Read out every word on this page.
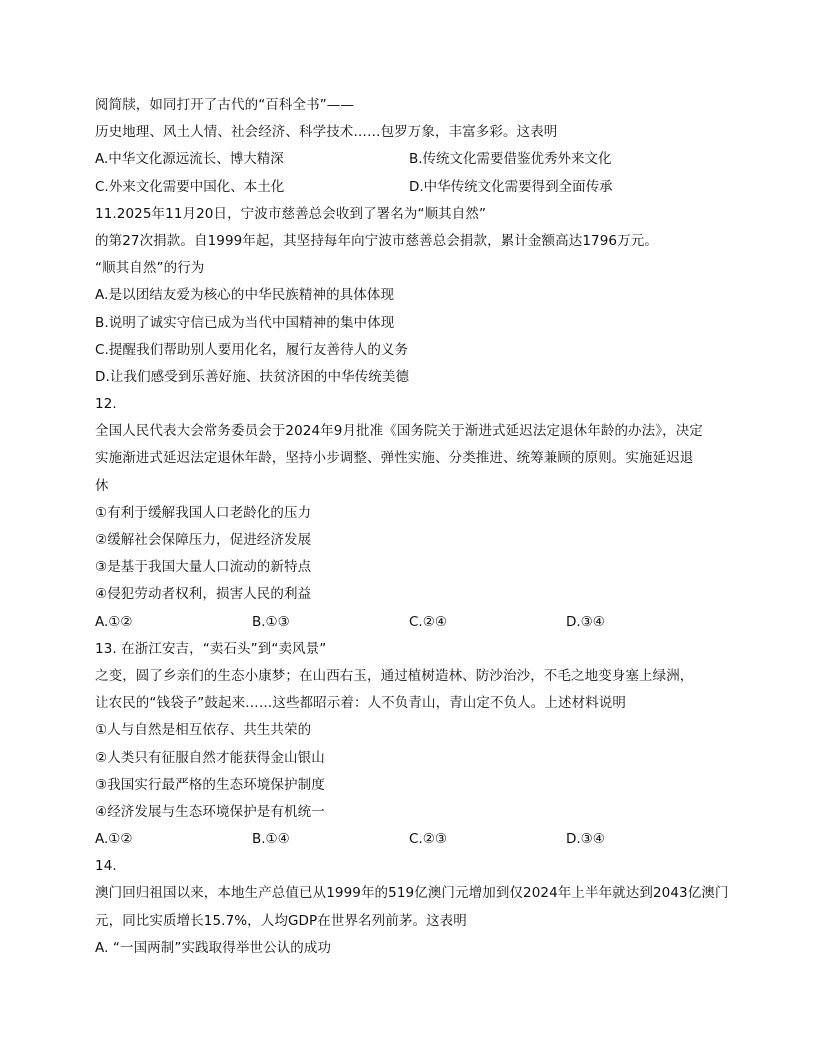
阅简牍，如同打开了古代的“百科全书”——
历史地理、风土人情、社会经济、科学技术……包罗万象，丰富多彩。这表明
A.中华文化源远流长、博大精深	B.传统文化需要借鉴优秀外来文化
C.外来文化需要中国化、本土化	D.中华传统文化需要得到全面传承
11.2025年11月20日，宁波市慈善总会收到了署名为“顺其自然”
的第27次捐款。自1999年起，其坚持每年向宁波市慈善总会捐款，累计金额高达1796万元。
“顺其自然”的行为
A.是以团结友爱为核心的中华民族精神的具体体现
B.说明了诚实守信已成为当代中国精神的集中体现
C.提醒我们帮助别人要用化名，履行友善待人的义务
D.让我们感受到乐善好施、扶贫济困的中华传统美德
12.
全国人民代表大会常务委员会于2024年9月批准《国务院关于渐进式延迟法定退休年龄的办法》，决定
实施渐进式延迟法定退休年龄，坚持小步调整、弹性实施、分类推进、统筹兼顾的原则。实施延迟退
休
①有利于缓解我国人口老龄化的压力
②缓解社会保障压力，促进经济发展
③是基于我国大量人口流动的新特点
④侵犯劳动者权利，损害人民的利益
A.①②	B.①③	C.②④	D.③④
13. 在浙江安吉，“卖石头”到“卖风景”
之变，圆了乡亲们的生态小康梦；在山西右玉，通过植树造林、防沙治沙，不毛之地变身塞上绿洲，
让农民的“钱袋子”鼓起来……这些都昭示着：人不负青山，青山定不负人。上述材料说明
①人与自然是相互依存、共生共荣的
②人类只有征服自然才能获得金山银山
③我国实行最严格的生态环境保护制度
④经济发展与生态环境保护是有机统一
A.①②	B.①④	C.②③	D.③④
14.
澳门回归祖国以来，本地生产总值已从1999年的519亿澳门元增加到仅2024年上半年就达到2043亿澳门
元，同比实质增长15.7%，人均GDP在世界名列前茅。这表明
A. “一国两制”实践取得举世公认的成功
